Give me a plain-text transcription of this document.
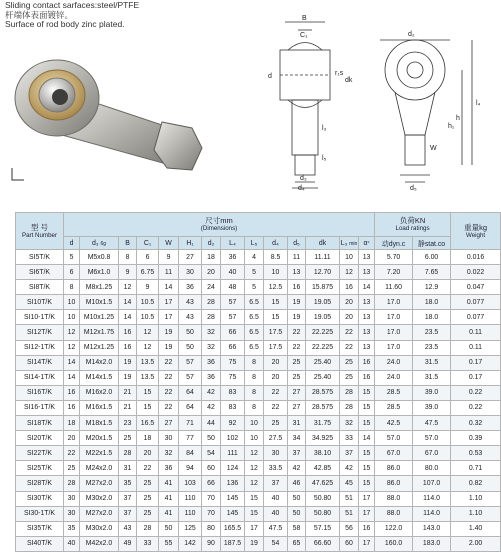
Sliding contact sarfaces:steel/PTFE
杆端体表面镀锌。
Surface of rod body zinc plated.
B
C₁
r₁s
dk
d
d₂
h
h₁
l₄
l₃
l₅
d₃
d₄
W
d₅
型 号
Part Number	尺寸mm
(Dimensions)														负荷KN
Load ratings		重量kg
Weight

	d	d₃ 6g	B	C₁	W	H₁	d₂	L₄	L₅	d₄	d₅	dk	L₃ min	α°	动dyn.c	静stat.co	
SI5T/K	5	M5x0.8	8	6	9	27	18	36	4	8.5	11	11.11	10	13	5.70	6.00	0.016
SI6T/K	6	M6x1.0	9	6.75	11	30	20	40	5	10	13	12.70	12	13	7.20	7.65	0.022
SI8T/K	8	M8x1.25	12	9	14	36	24	48	5	12.5	16	15.875	16	14	11.60	12.9	0.047
SI10T/K	10	M10x1.5	14	10.5	17	43	28	57	6.5	15	19	19.05	20	13	17.0	18.0	0.077
SI10-1T/K	10	M10x1.25	14	10.5	17	43	28	57	6.5	15	19	19.05	20	13	17.0	18.0	0.077
SI12T/K	12	M12x1.75	16	12	19	50	32	66	6.5	17.5	22	22.225	22	13	17.0	23.5	0.11
SI12-1T/K	12	M12x1.25	16	12	19	50	32	66	6.5	17.5	22	22.225	22	13	17.0	23.5	0.11
SI14T/K	14	M14x2.0	19	13.5	22	57	36	75	8	20	25	25.40	25	16	24.0	31.5	0.17
SI14-1T/K	14	M14x1.5	19	13.5	22	57	36	75	8	20	25	25.40	25	16	24.0	31.5	0.17
SI16T/K	16	M16x2.0	21	15	22	64	42	83	8	22	27	28.575	28	15	28.5	39.0	0.22
SI16-1T/K	16	M16x1.5	21	15	22	64	42	83	8	22	27	28.575	28	15	28.5	39.0	0.22
SI18T/K	18	M18x1.5	23	16.5	27	71	44	92	10	25	31	31.75	32	15	42.5	47.5	0.32
SI20T/K	20	M20x1.5	25	18	30	77	50	102	10	27.5	34	34.925	33	14	57.0	57.0	0.39
SI22T/K	22	M22x1.5	28	20	32	84	54	111	12	30	37	38.10	37	15	67.0	67.0	0.53
SI25T/K	25	M24x2.0	31	22	36	94	60	124	12	33.5	42	42.85	42	15	86.0	80.0	0.71
SI28T/K	28	M27x2.0	35	25	41	103	66	136	12	37	46	47.625	45	15	86.0	107.0	0.82
SI30T/K	30	M30x2.0	37	25	41	110	70	145	15	40	50	50.80	51	17	88.0	114.0	1.10
SI30-1T/K	30	M27x2.0	37	25	41	110	70	145	15	40	50	50.80	51	17	88.0	114.0	1.10
SI35T/K	35	M30x2.0	43	28	50	125	80	165.5	17	47.5	58	57.15	56	16	122.0	143.0	1.40
SI40T/K	40	M42x2.0	49	33	55	142	90	187.5	19	54	65	66.60	60	17	160.0	183.0	2.00
